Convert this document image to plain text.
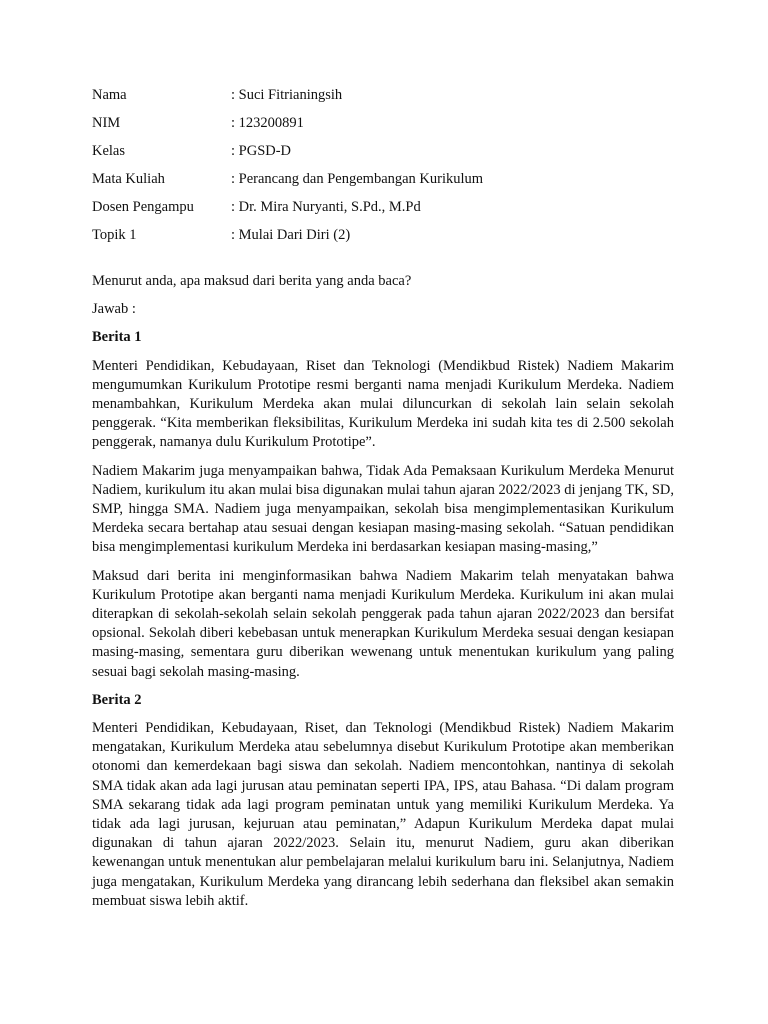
Nama	: Suci Fitrianingsih
NIM	: 123200891
Kelas	: PGSD-D
Mata Kuliah	: Perancang dan Pengembangan Kurikulum
Dosen Pengampu	: Dr. Mira Nuryanti, S.Pd., M.Pd
Topik 1	: Mulai Dari Diri (2)

Menurut anda, apa maksud dari berita yang anda baca?

Jawab :

Berita 1

Menteri Pendidikan, Kebudayaan, Riset dan Teknologi (Mendikbud Ristek) Nadiem Makarim mengumumkan Kurikulum Prototipe resmi berganti nama menjadi Kurikulum Merdeka. Nadiem menambahkan, Kurikulum Merdeka akan mulai diluncurkan di sekolah lain selain sekolah penggerak. “Kita memberikan fleksibilitas, Kurikulum Merdeka ini sudah kita tes di 2.500 sekolah penggerak, namanya dulu Kurikulum Prototipe”.

Nadiem Makarim juga menyampaikan bahwa, Tidak Ada Pemaksaan Kurikulum Merdeka Menurut Nadiem, kurikulum itu akan mulai bisa digunakan mulai tahun ajaran 2022/2023 di jenjang TK, SD, SMP, hingga SMA. Nadiem juga menyampaikan, sekolah bisa mengimplementasikan Kurikulum Merdeka secara bertahap atau sesuai dengan kesiapan masing-masing sekolah. “Satuan pendidikan bisa mengimplementasi kurikulum Merdeka ini berdasarkan kesiapan masing-masing,”

Maksud dari berita ini menginformasikan bahwa Nadiem Makarim telah menyatakan bahwa Kurikulum Prototipe akan berganti nama menjadi Kurikulum Merdeka. Kurikulum ini akan mulai diterapkan di sekolah-sekolah selain sekolah penggerak pada tahun ajaran 2022/2023 dan bersifat opsional. Sekolah diberi kebebasan untuk menerapkan Kurikulum Merdeka sesuai dengan kesiapan masing-masing, sementara guru diberikan wewenang untuk menentukan kurikulum yang paling sesuai bagi sekolah masing-masing.

Berita 2

Menteri Pendidikan, Kebudayaan, Riset, dan Teknologi (Mendikbud Ristek) Nadiem Makarim mengatakan, Kurikulum Merdeka atau sebelumnya disebut Kurikulum Prototipe akan memberikan otonomi dan kemerdekaan bagi siswa dan sekolah. Nadiem mencontohkan, nantinya di sekolah SMA tidak akan ada lagi jurusan atau peminatan seperti IPA, IPS, atau Bahasa. “Di dalam program SMA sekarang tidak ada lagi program peminatan untuk yang memiliki Kurikulum Merdeka. Ya tidak ada lagi jurusan, kejuruan atau peminatan,” Adapun Kurikulum Merdeka dapat mulai digunakan di tahun ajaran 2022/2023. Selain itu, menurut Nadiem, guru akan diberikan kewenangan untuk menentukan alur pembelajaran melalui kurikulum baru ini. Selanjutnya, Nadiem juga mengatakan, Kurikulum Merdeka yang dirancang lebih sederhana dan fleksibel akan semakin membuat siswa lebih aktif.
